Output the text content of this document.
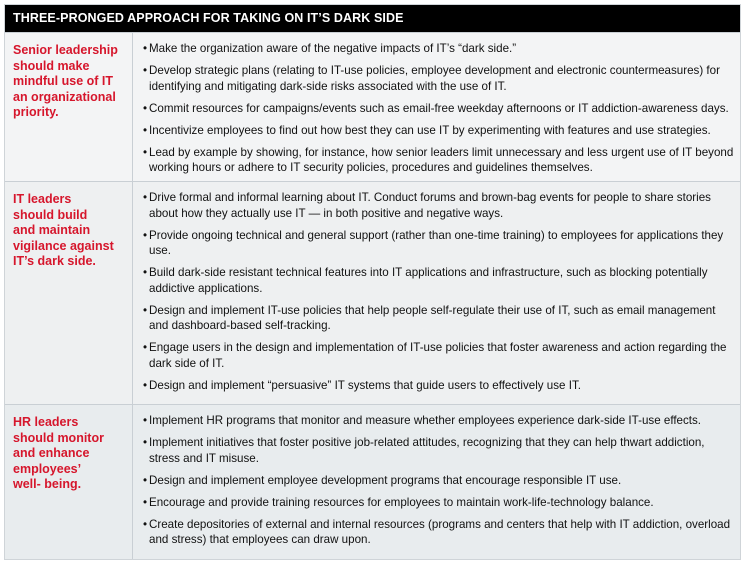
THREE-PRONGED APPROACH FOR TAKING ON IT’S DARK SIDE
Senior leadership
should make
mindful use of IT
an organizational
priority.
• Make the organization aware of the negative impacts of IT’s “dark side.”
• Develop strategic plans (relating to IT-use policies, employee development and electronic countermeasures) for identifying and mitigating dark-side risks associated with the use of IT.
• Commit resources for campaigns/events such as email-free weekday afternoons or IT addiction-awareness days.
• Incentivize employees to find out how best they can use IT by experimenting with features and use strategies.
• Lead by example by showing, for instance, how senior leaders limit unnecessary and less urgent use of IT beyond working hours or adhere to IT security policies, procedures and guidelines themselves.
IT leaders
should build
and maintain
vigilance against
IT’s dark side.
• Drive formal and informal learning about IT. Conduct forums and brown-bag events for people to share stories about how they actually use IT — in both positive and negative ways.
• Provide ongoing technical and general support (rather than one-time training) to employees for applications they use.
• Build dark-side resistant technical features into IT applications and infrastructure, such as blocking potentially addictive applications.
• Design and implement IT-use policies that help people self-regulate their use of IT, such as email management and dashboard-based self-tracking.
• Engage users in the design and implementation of IT-use policies that foster awareness and action regarding the dark side of IT.
• Design and implement “persuasive” IT systems that guide users to effectively use IT.
HR leaders
should monitor
and enhance
employees’
well- being.
• Implement HR programs that monitor and measure whether employees experience dark-side IT-use effects.
• Implement initiatives that foster positive job-related attitudes, recognizing that they can help thwart addiction, stress and IT misuse.
• Design and implement employee development programs that encourage responsible IT use.
• Encourage and provide training resources for employees to maintain work-life-technology balance.
• Create depositories of external and internal resources (programs and centers that help with IT addiction, overload and stress) that employees can draw upon.
